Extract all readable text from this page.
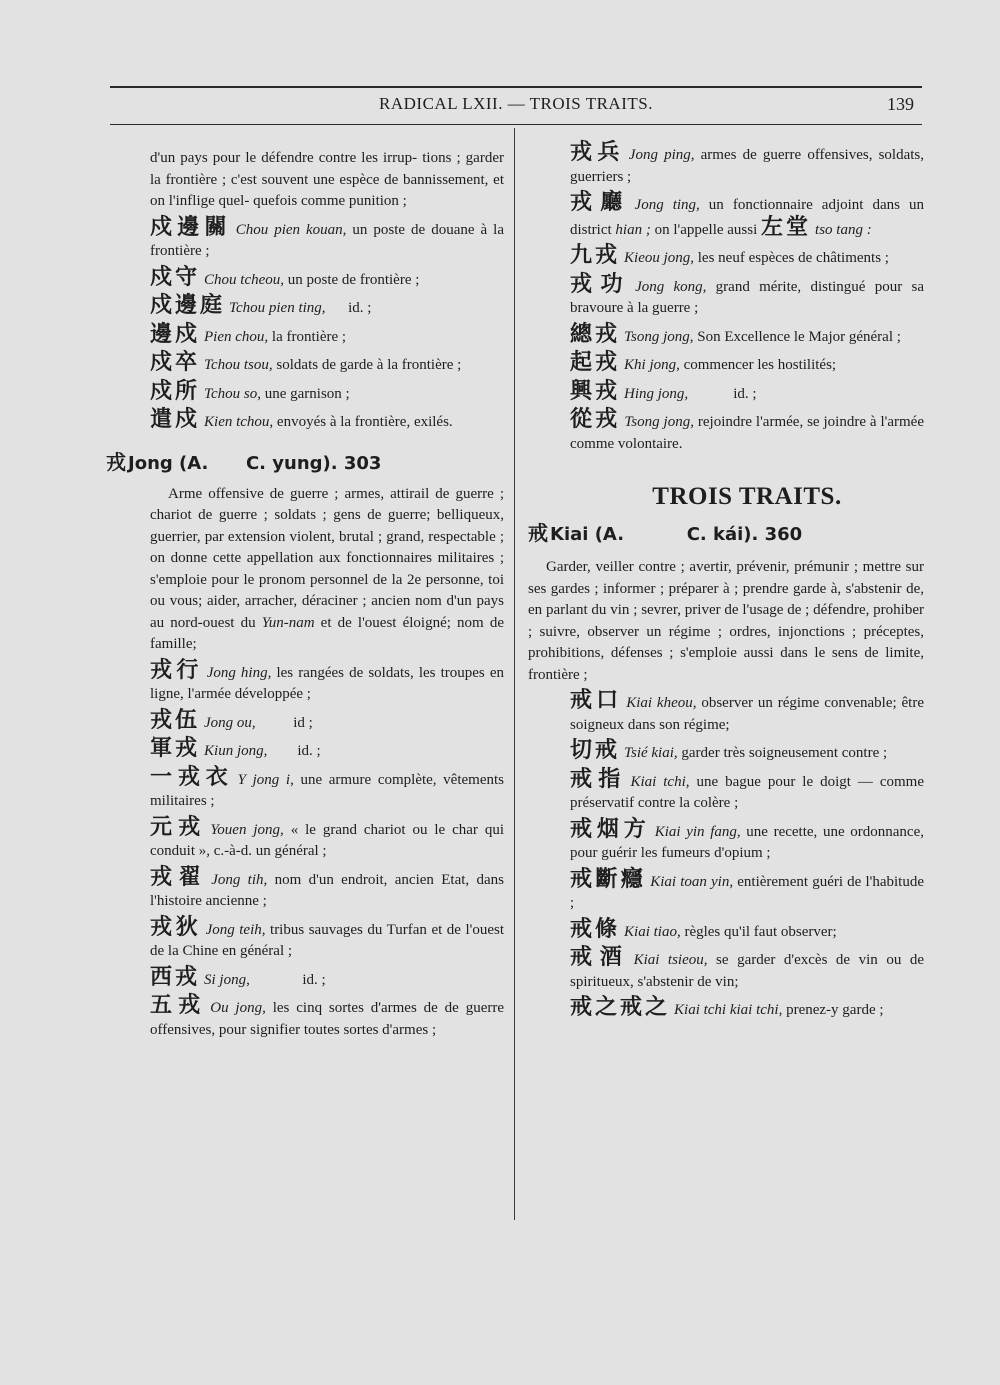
RADICAL LXII. — TROIS TRAITS.	139

d'un pays pour le défendre contre les irrup- tions ; garder la frontière ; c'est souvent une espèce de bannissement, et on l'inflige quel- quefois comme punition ;

戍邊關 Chou pien kouan, un poste de douane à la frontière ;

戍守 Chou tcheou, un poste de frontière ;

戍邊庭 Tchou pien ting,      id. ;

邊戍 Pien chou, la frontière ;

戍卒 Tchou tsou, soldats de garde à la frontière ;

戍所 Tchou so, une garnison ;

遣戍 Kien tchou, envoyés à la frontière, exilés.

戎 Jong (A.      C. yung). 303

Arme offensive de guerre ; armes, attirail de guerre ; chariot de guerre ; soldats ; gens de guerre; belliqueux, guerrier, par extension violent, brutal ; grand, respectable ; on donne cette appellation aux fonctionnaires militaires ; s'emploie pour le pronom personnel de la 2e personne, toi ou vous; aider, arracher, déraciner ; ancien nom d'un pays au nord-ouest du Yun-nam et de l'ouest éloigné; nom de famille;

戎行 Jong hing, les rangées de soldats, les troupes en ligne, l'armée développée ;

戎伍 Jong ou,          id ;

軍戎 Kiun jong,        id. ;

一戎衣 Y jong i, une armure complète, vêtements militaires ;

元戎 Youen jong, « le grand chariot ou le char qui conduit », c.-à-d. un général ;

戎翟 Jong tih, nom d'un endroit, ancien Etat, dans l'histoire ancienne ;

戎狄 Jong teih, tribus sauvages du Turfan et de l'ouest de la Chine en général ;

西戎 Si jong,              id. ;

五戎 Ou jong, les cinq sortes d'armes de de guerre offensives, pour signifier toutes sortes d'armes ;

戎兵 Jong ping, armes de guerre offensives, soldats, guerriers ;

戎廳 Jong ting, un fonctionnaire adjoint dans un district hian ; on l'appelle aussi 左堂 tso tang :

九戎 Kieou jong, les neuf espèces de châtiments ;

戎功 Jong kong, grand mérite, distingué pour sa bravoure à la guerre ;

總戎 Tsong jong, Son Excellence le Major général ;

起戎 Khi jong, commencer les hostilités;

興戎 Hing jong,            id. ;

從戎 Tsong jong, rejoindre l'armée, se joindre à l'armée comme volontaire.

TROIS TRAITS.

戒 Kiai (A.          C. kái). 360

Garder, veiller contre ; avertir, prévenir, prémunir ; mettre sur ses gardes ; informer ; préparer à ; prendre garde à, s'abstenir de, en parlant du vin ; sevrer, priver de l'usage de ; défendre, prohiber ; suivre, observer un régime ; ordres, injonctions ; préceptes, prohibitions, défenses ; s'emploie aussi dans le sens de limite, frontière ;

戒口 Kiai kheou, observer un régime convenable; être soigneux dans son régime;

切戒 Tsié kiai, garder très soigneusement contre ;

戒指 Kiai tchi, une bague pour le doigt — comme préservatif contre la colère ;

戒烟方 Kiai yin fang, une recette, une ordonnance, pour guérir les fumeurs d'opium ;

戒斷癮 Kiai toan yin, entièrement guéri de l'habitude ;

戒條 Kiai tiao, règles qu'il faut observer;

戒酒 Kiai tsieou, se garder d'excès de vin ou de spiritueux, s'abstenir de vin;

戒之戒之 Kiai tchi kiai tchi, prenez-y garde ;
